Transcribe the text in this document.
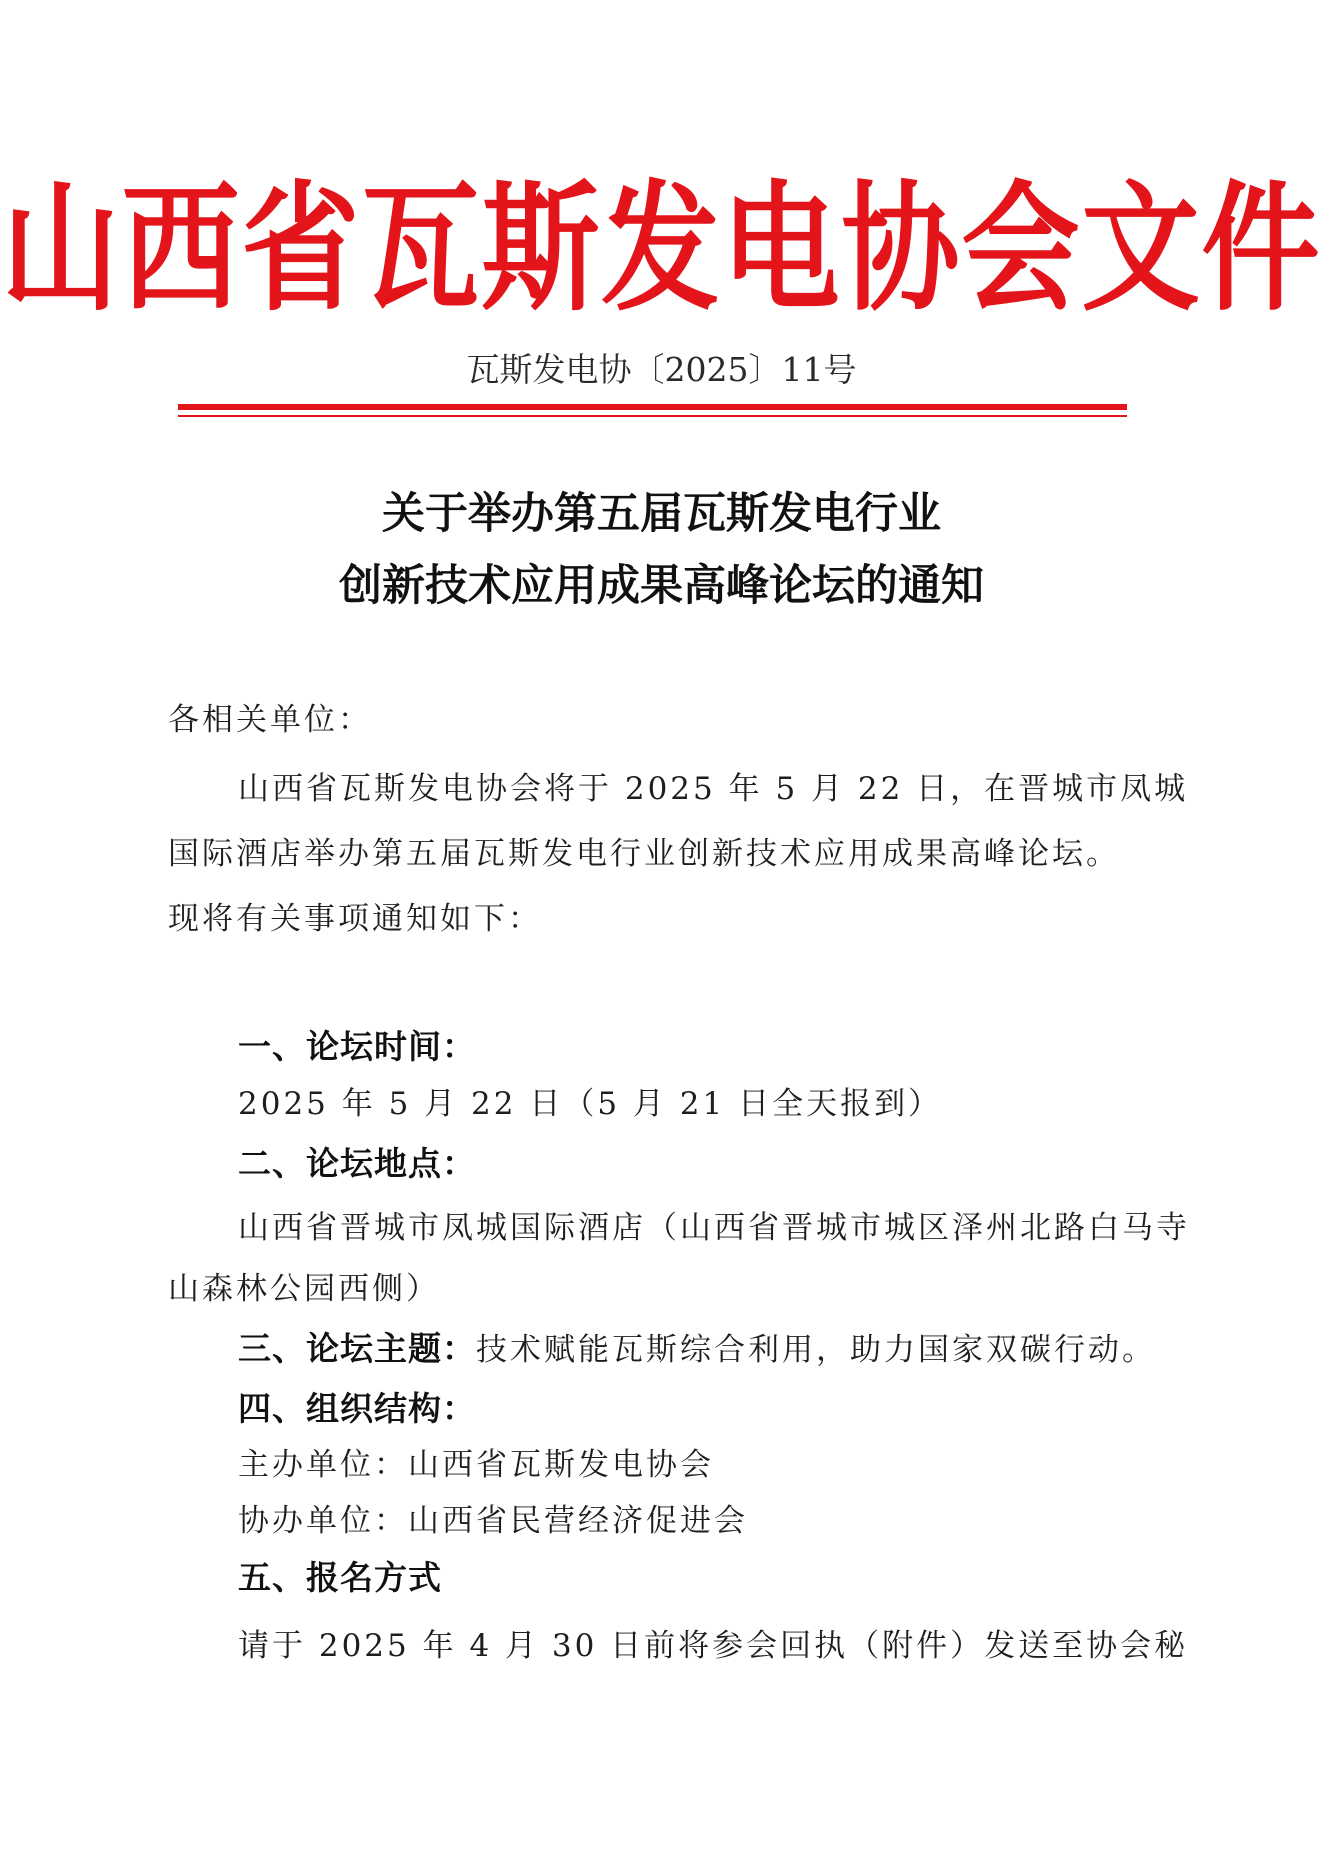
山西省瓦斯发电协会文件
瓦斯发电协〔2025〕11号
关于举办第五届瓦斯发电行业
创新技术应用成果高峰论坛的通知
各相关单位：
山西省瓦斯发电协会将于 2025 年 5 月 22 日，在晋城市凤城
国际酒店举办第五届瓦斯发电行业创新技术应用成果高峰论坛。
现将有关事项通知如下：
一、论坛时间：
2025 年 5 月 22 日（5 月 21 日全天报到）
二、论坛地点：
山西省晋城市凤城国际酒店（山西省晋城市城区泽州北路白马寺
山森林公园西侧）
三、论坛主题：技术赋能瓦斯综合利用，助力国家双碳行动。
四、组织结构：
主办单位：山西省瓦斯发电协会
协办单位：山西省民营经济促进会
五、报名方式
请于 2025 年 4 月 30 日前将参会回执（附件）发送至协会秘
